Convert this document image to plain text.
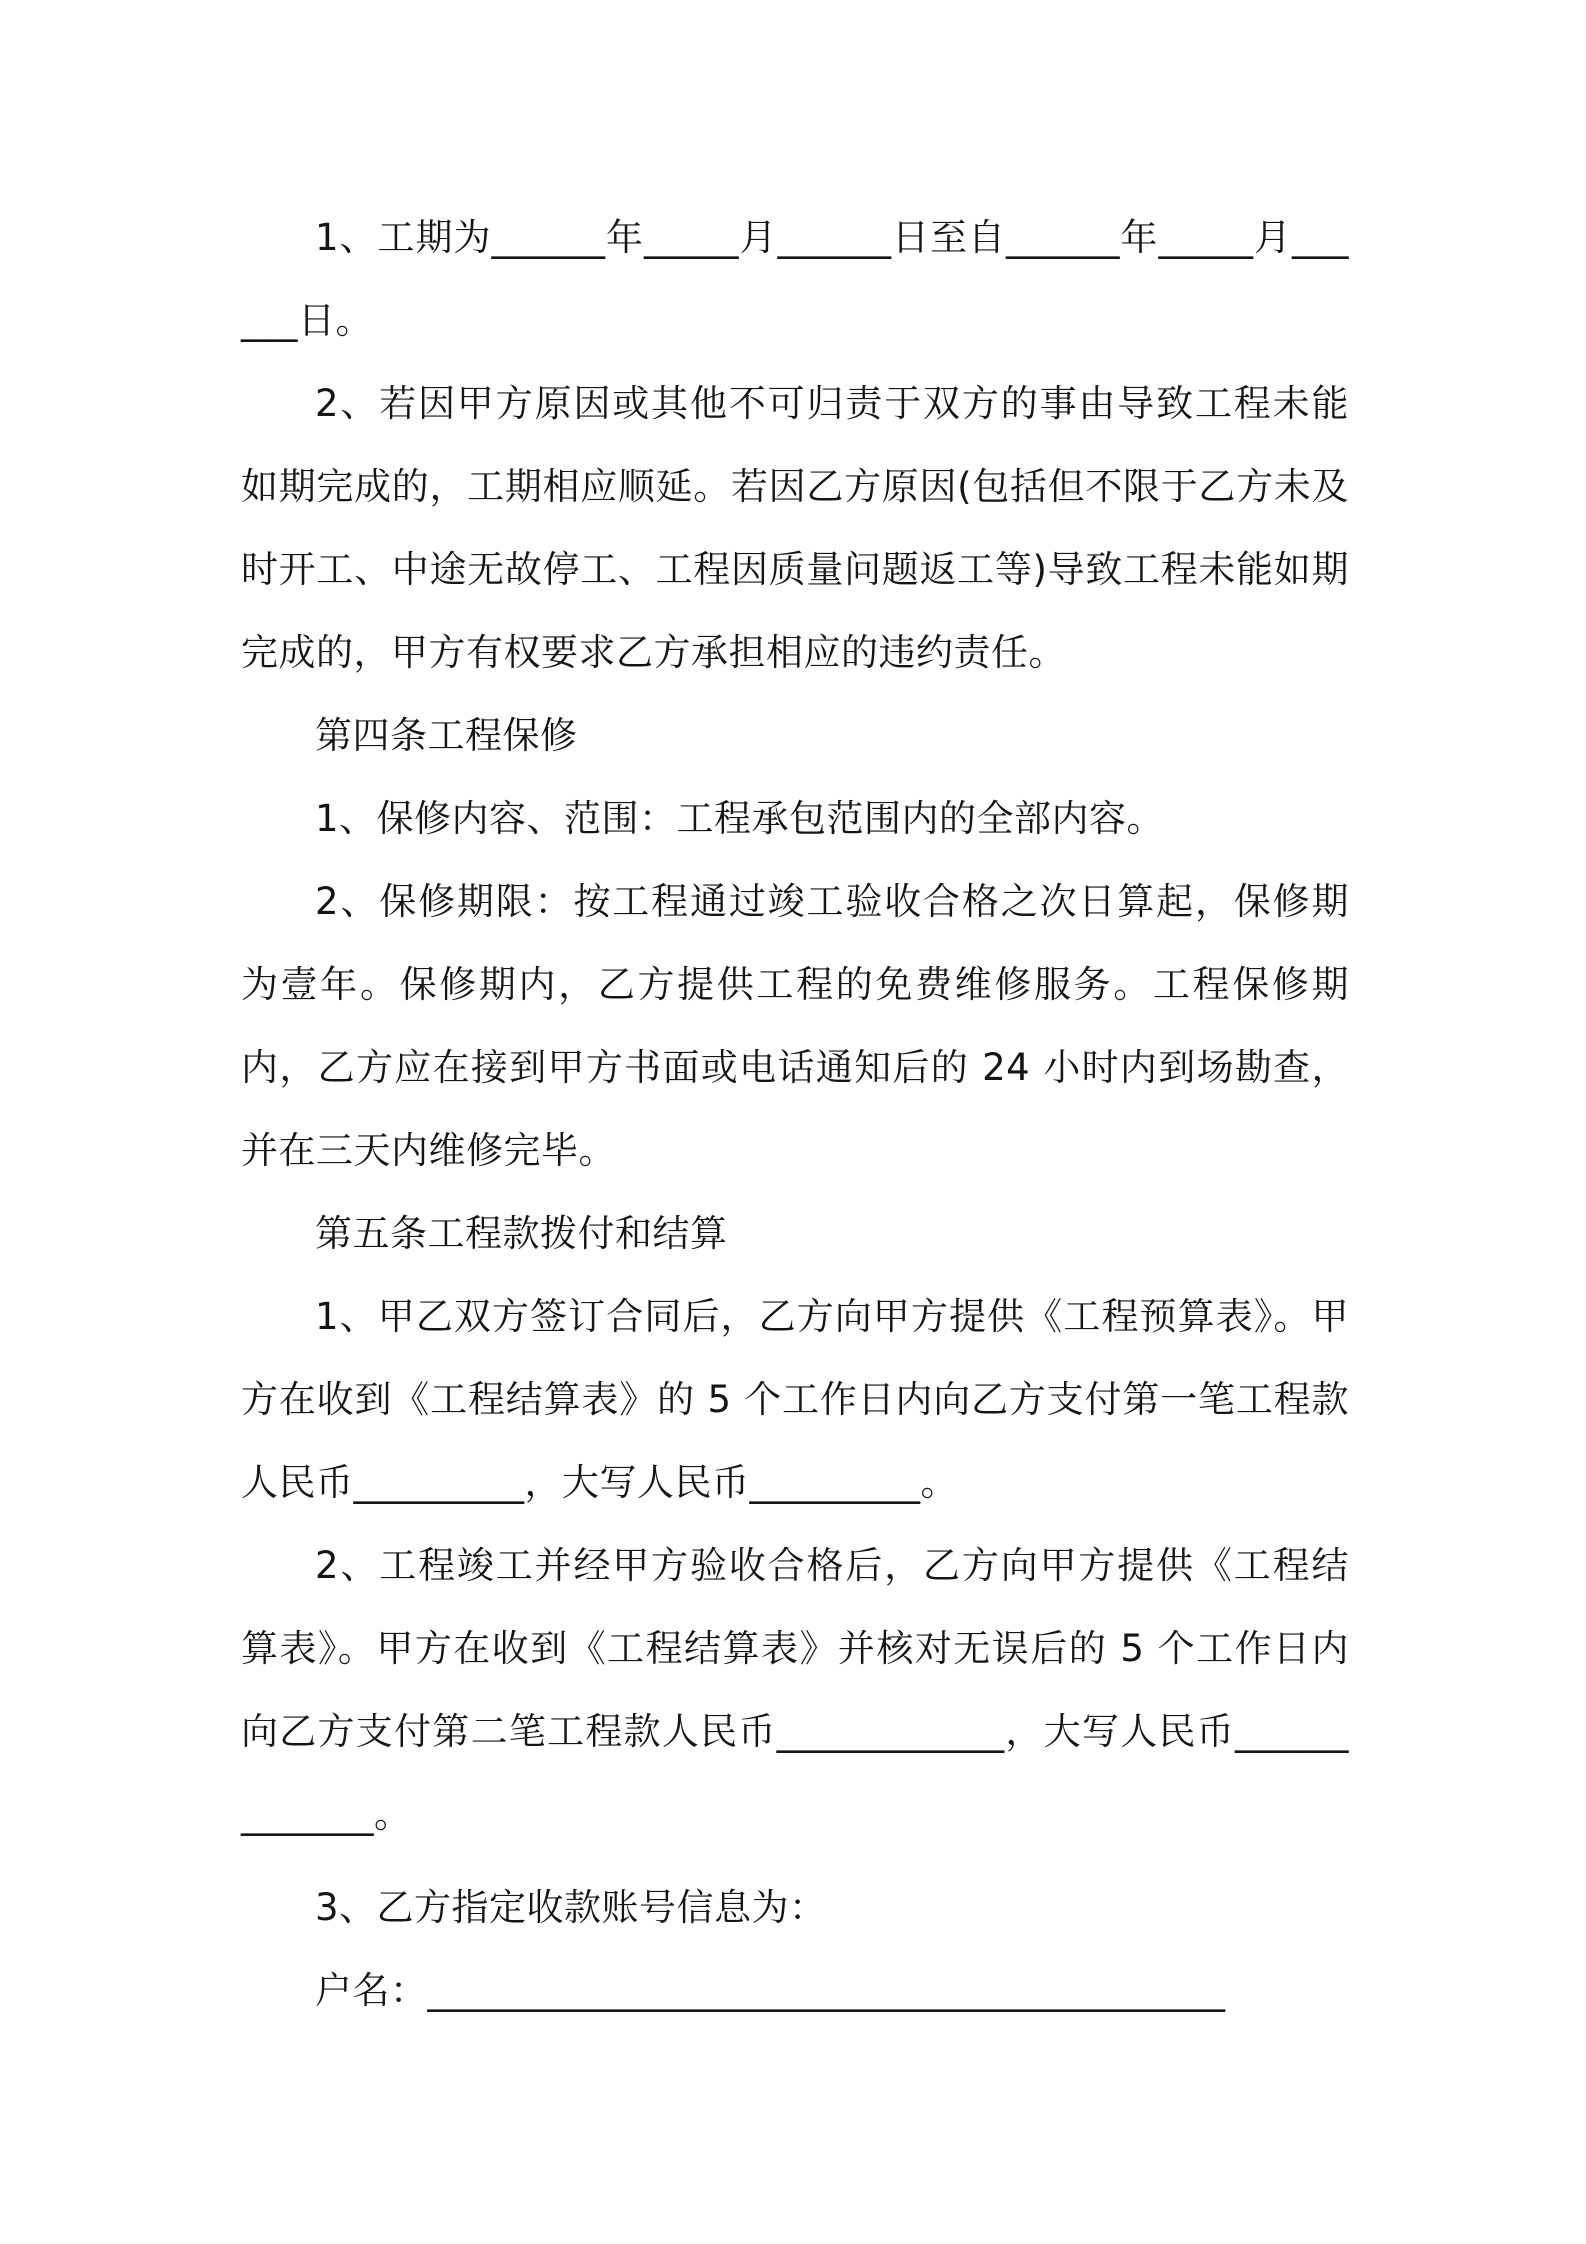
1、工期为______年_____月______日至自______年_____月______日。

2、若因甲方原因或其他不可归责于双方的事由导致工程未能如期完成的，工期相应顺延。若因乙方原因(包括但不限于乙方未及时开工、中途无故停工、工程因质量问题返工等)导致工程未能如期完成的，甲方有权要求乙方承担相应的违约责任。

第四条工程保修

1、保修内容、范围：工程承包范围内的全部内容。

2、保修期限：按工程通过竣工验收合格之次日算起，保修期为壹年。保修期内，乙方提供工程的免费维修服务。工程保修期内，乙方应在接到甲方书面或电话通知后的 24 小时内到场勘查，并在三天内维修完毕。

第五条工程款拨付和结算

1、甲乙双方签订合同后，乙方向甲方提供《工程预算表》。甲方在收到《工程结算表》的 5 个工作日内向乙方支付第一笔工程款人民币_________，大写人民币_________。

2、工程竣工并经甲方验收合格后，乙方向甲方提供《工程结算表》。甲方在收到《工程结算表》并核对无误后的 5 个工作日内向乙方支付第二笔工程款人民币____________，大写人民币_____________。

3、乙方指定收款账号信息为：

户名：__________________________________________
